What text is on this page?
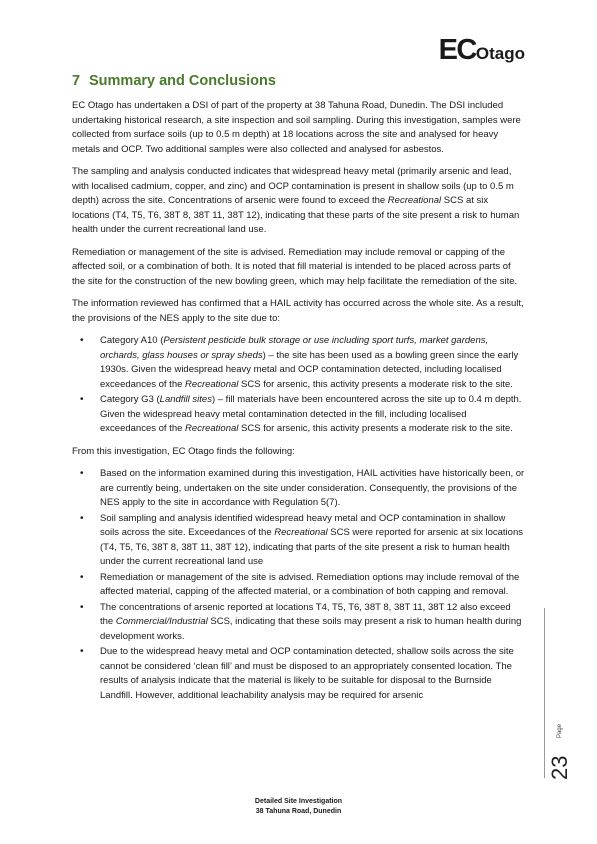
ECOtago
7 Summary and Conclusions

EC Otago has undertaken a DSI of part of the property at 38 Tahuna Road, Dunedin. The DSI included undertaking historical research, a site inspection and soil sampling. During this investigation, samples were collected from surface soils (up to 0.5 m depth) at 18 locations across the site and analysed for heavy metals and OCP. Two additional samples were also collected and analysed for asbestos.

The sampling and analysis conducted indicates that widespread heavy metal (primarily arsenic and lead, with localised cadmium, copper, and zinc) and OCP contamination is present in shallow soils (up to 0.5 m depth) across the site. Concentrations of arsenic were found to exceed the Recreational SCS at six locations (T4, T5, T6, 38T 8, 38T 11, 38T 12), indicating that these parts of the site present a risk to human health under the current recreational land use.

Remediation or management of the site is advised. Remediation may include removal or capping of the affected soil, or a combination of both. It is noted that fill material is intended to be placed across parts of the site for the construction of the new bowling green, which may help facilitate the remediation of the site.

The information reviewed has confirmed that a HAIL activity has occurred across the whole site. As a result, the provisions of the NES apply to the site due to:

• Category A10 (Persistent pesticide bulk storage or use including sport turfs, market gardens, orchards, glass houses or spray sheds) – the site has been used as a bowling green since the early 1930s. Given the widespread heavy metal and OCP contamination detected, including localised exceedances of the Recreational SCS for arsenic, this activity presents a moderate risk to the site.
• Category G3 (Landfill sites) – fill materials have been encountered across the site up to 0.4 m depth. Given the widespread heavy metal contamination detected in the fill, including localised exceedances of the Recreational SCS for arsenic, this activity presents a moderate risk to the site.

From this investigation, EC Otago finds the following:

• Based on the information examined during this investigation, HAIL activities have historically been, or are currently being, undertaken on the site under consideration. Consequently, the provisions of the NES apply to the site in accordance with Regulation 5(7).
• Soil sampling and analysis identified widespread heavy metal and OCP contamination in shallow soils across the site. Exceedances of the Recreational SCS were reported for arsenic at six locations (T4, T5, T6, 38T 8, 38T 11, 38T 12), indicating that parts of the site present a risk to human health under the current recreational land use
• Remediation or management of the site is advised. Remediation options may include removal of the affected material, capping of the affected material, or a combination of both capping and removal.
• The concentrations of arsenic reported at locations T4, T5, T6, 38T 8, 38T 11, 38T 12 also exceed the Commercial/Industrial SCS, indicating that these soils may present a risk to human health during development works.
• Due to the widespread heavy metal and OCP contamination detected, shallow soils across the site cannot be considered ‘clean fill’ and must be disposed to an appropriately consented location. The results of analysis indicate that the material is likely to be suitable for disposal to the Burnside Landfill. However, additional leachability analysis may be required for arsenic
Page
23
Detailed Site Investigation
38 Tahuna Road, Dunedin
